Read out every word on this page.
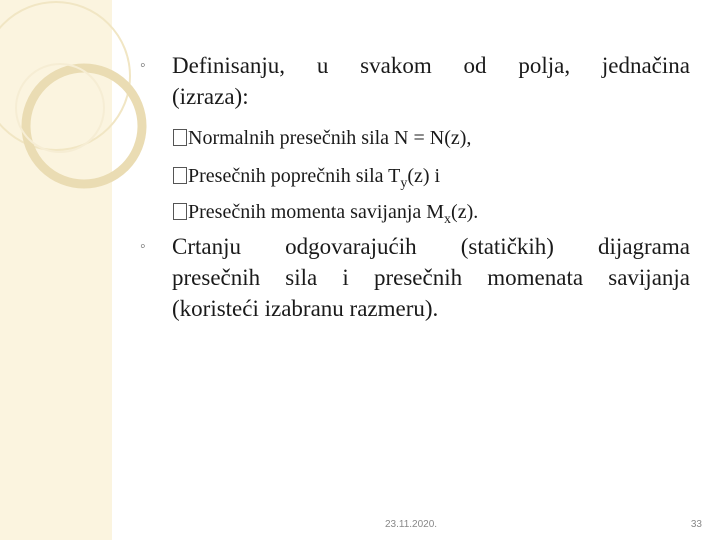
◦ Definisanju, u svakom od polja, jednačina
(izraza):
Normalnih presečnih sila N = N(z),
Presečnih poprečnih sila $T_y(z)$ i
Presečnih momenta savijanja $M_x(z)$.
◦ Crtanju odgovarajućih (statičkih) dijagrama
presečnih sila i presečnih momenata savijanja
(koristeći izabranu razmeru).
23.11.2020.	33
